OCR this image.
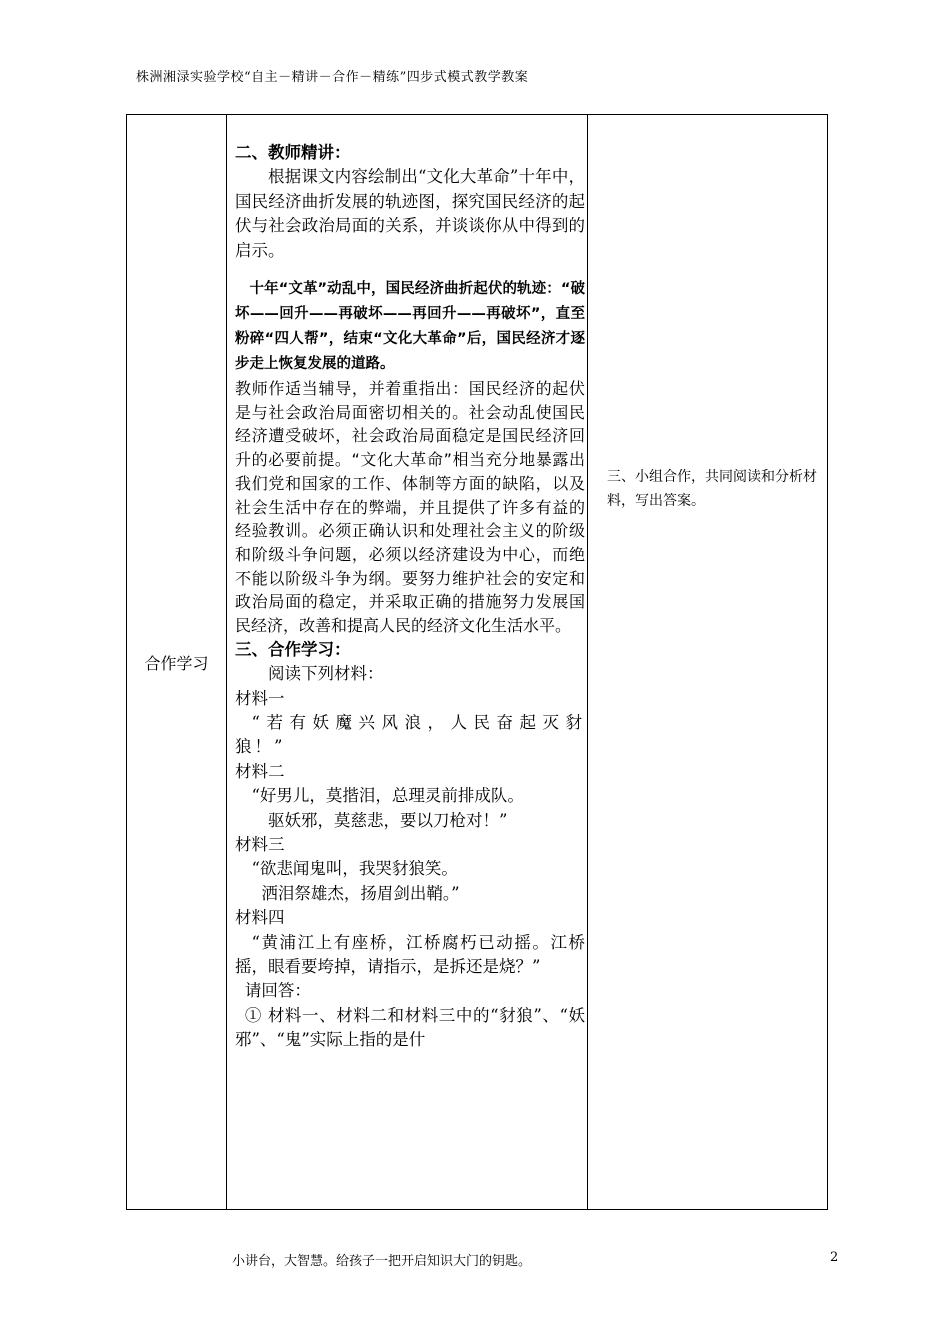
株洲湘渌实验学校“自主－精讲－合作－精练”四步式模式教学教案
合作学习

二、教师精讲：

根据课文内容绘制出“文化大革命”十年中，国民经济曲折发展的轨迹图，探究国民经济的起伏与社会政治局面的关系，并谈谈你从中得到的启示。

十年“文革”动乱中，国民经济曲折起伏的轨迹：“破坏——回升——再破坏——再回升——再破坏”，直至粉碎“四人帮”，结束“文化大革命”后，国民经济才逐步走上恢复发展的道路。

教师作适当辅导，并着重指出：国民经济的起伏是与社会政治局面密切相关的。社会动乱使国民经济遭受破坏，社会政治局面稳定是国民经济回升的必要前提。“文化大革命”相当充分地暴露出我们党和国家的工作、体制等方面的缺陷，以及社会生活中存在的弊端，并且提供了许多有益的经验教训。必须正确认识和处理社会主义的阶级和阶级斗争问题，必须以经济建设为中心，而绝不能以阶级斗争为纲。要努力维护社会的安定和政治局面的稳定，并采取正确的措施努力发展国民经济，改善和提高人民的经济文化生活水平。

三、合作学习：

阅读下列材料：

材料一

“若有妖魔兴风浪，人民奋起灭豺狼！”

材料二

“好男儿，莫揩泪，总理灵前排成队。

驱妖邪，莫慈悲，要以刀枪对！”

材料三

“欲悲闻鬼叫，我哭豺狼笑。

洒泪祭雄杰，扬眉剑出鞘。”

材料四

“黄浦江上有座桥，江桥腐朽已动摇。江桥摇，眼看要垮掉，请指示，是拆还是烧？”

请回答：

① 材料一、材料二和材料三中的“豺狼”、“妖邪”、“鬼”实际上指的是什

三、小组合作，共同阅读和分析材料，写出答案。
小讲台，大智慧。给孩子一把开启知识大门的钥匙。	2
